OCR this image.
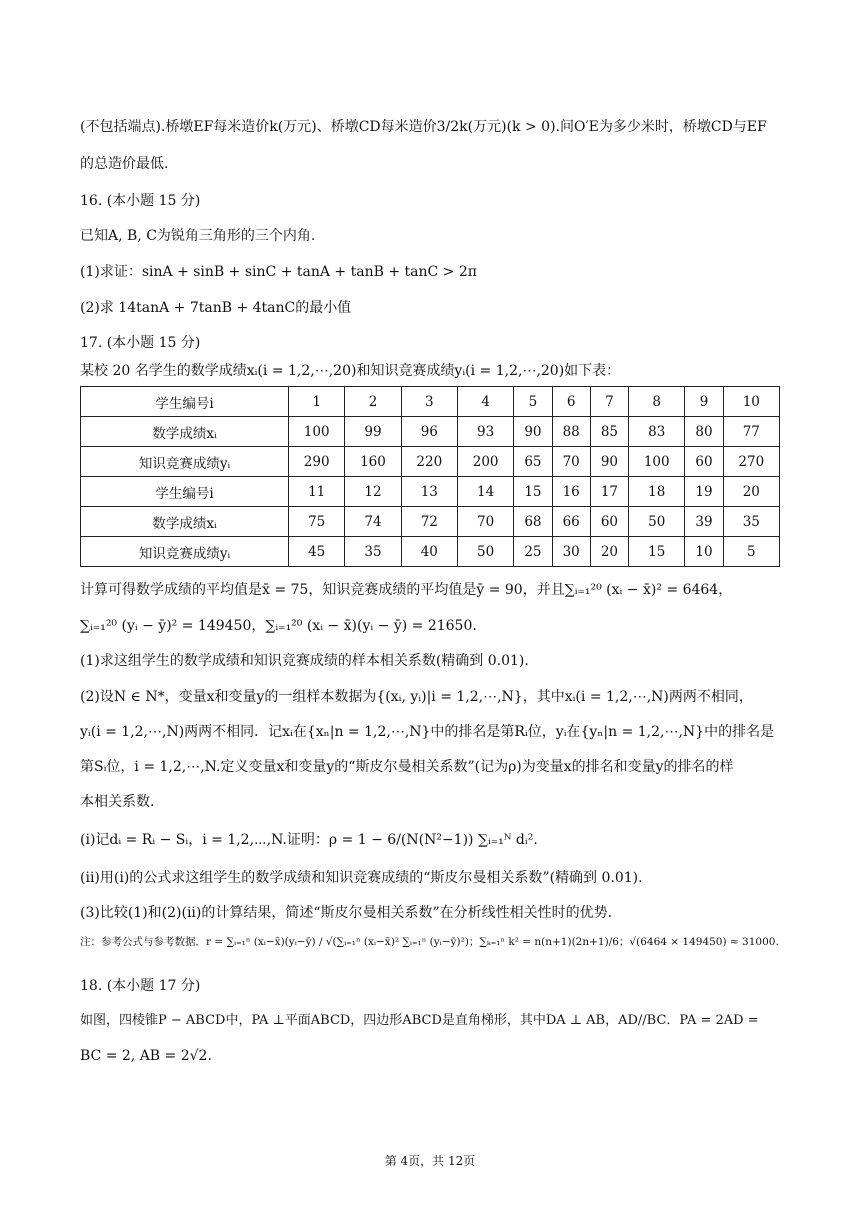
(不包括端点).桥墩EF每米造价k(万元)、桥墩CD每米造价3/2k(万元)(k > 0).问O′E为多少米时，桥墩CD与EF
的总造价最低.
16. (本小题 15 分)
已知A, B, C为锐角三角形的三个内角.
(1)求证：sinA + sinB + sinC + tanA + tanB + tanC > 2π
(2)求 14tanA + 7tanB + 4tanC的最小值
17. (本小题 15 分)
某校 20 名学生的数学成绩xᵢ(i = 1,2,⋯,20)和知识竞赛成绩yᵢ(i = 1,2,⋯,20)如下表：
学生编号i	1	2	3	4	5	6	7	8	9	10
数学成绩xᵢ	100	99	96	93	90	88	85	83	80	77
知识竞赛成绩yᵢ	290	160	220	200	65	70	90	100	60	270
学生编号i	11	12	13	14	15	16	17	18	19	20
数学成绩xᵢ	75	74	72	70	68	66	60	50	39	35
知识竞赛成绩yᵢ	45	35	40	50	25	30	20	15	10	5
计算可得数学成绩的平均值是x̄ = 75，知识竞赛成绩的平均值是ȳ = 90，并且∑ᵢ₌₁²⁰ (xᵢ − x̄)² = 6464，
∑ᵢ₌₁²⁰ (yᵢ − ȳ)² = 149450，∑ᵢ₌₁²⁰ (xᵢ − x̄)(yᵢ − ȳ) = 21650.
(1)求这组学生的数学成绩和知识竞赛成绩的样本相关系数(精确到 0.01).
(2)设N ∈ N*，变量x和变量y的一组样本数据为{(xᵢ, yᵢ)|i = 1,2,⋯,N}，其中xᵢ(i = 1,2,⋯,N)两两不相同，
yᵢ(i = 1,2,⋯,N)两两不相同．记xᵢ在{xₙ|n = 1,2,⋯,N}中的排名是第Rᵢ位，yᵢ在{yₙ|n = 1,2,⋯,N}中的排名是
第Sᵢ位，i = 1,2,⋯,N.定义变量x和变量y的“斯皮尔曼相关系数”(记为ρ)为变量x的排名和变量y的排名的样
本相关系数.
(i)记dᵢ = Rᵢ − Sᵢ，i = 1,2,⋯,N.证明：ρ = 1 − 6/(N(N²−1)) ∑ᵢ₌₁ᴺ dᵢ².
(ii)用(i)的公式求这组学生的数学成绩和知识竞赛成绩的“斯皮尔曼相关系数”(精确到 0.01).
(3)比较(1)和(2)(ii)的计算结果，简述“斯皮尔曼相关系数”在分析线性相关性时的优势.
注：参考公式与参考数据．r = ∑ᵢ₌₁ⁿ (xᵢ−x̄)(yᵢ−ȳ) / √(∑ᵢ₌₁ⁿ (xᵢ−x̄)² ∑ᵢ₌₁ⁿ (yᵢ−ȳ)²)；∑ₖ₌₁ⁿ k² = n(n+1)(2n+1)/6；√(6464 × 149450) ≈ 31000.
18. (本小题 17 分)
如图，四棱锥P − ABCD中，PA ⊥平面ABCD，四边形ABCD是直角梯形，其中DA ⊥ AB，AD//BC．PA = 2AD =
BC = 2, AB = 2√2.
第 4页，共 12页
